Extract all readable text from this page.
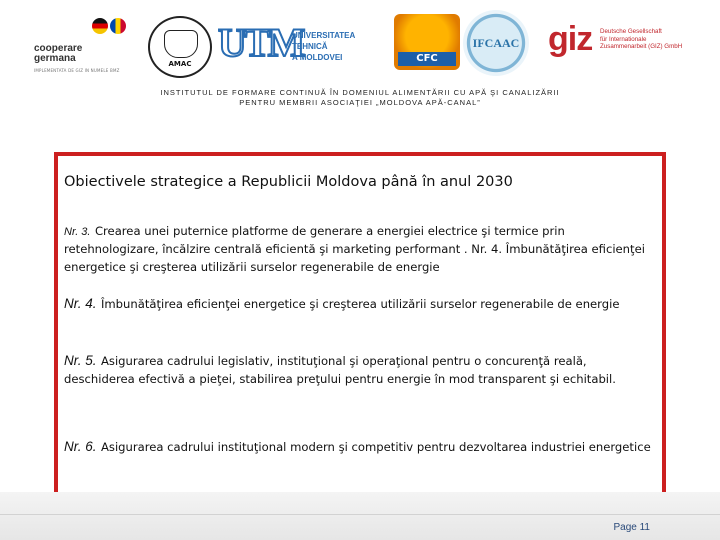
cooperare
germana
IMPLEMENTATA DE GIZ IN NUMELE BMZ
AMAC UTM
UNIVERSITATEA TEHNICĂ
A MOLDOVEI	CFC
IFCAAC giz Deutsche Gesellschaft
für Internationale
Zusammenarbeit (GIZ) GmbH
INSTITUTUL DE FORMARE CONTINUĂ ÎN DOMENIUL ALIMENTĂRII CU APĂ ŞI CANALIZĂRII
PENTRU MEMBRII ASOCIAŢIEI „MOLDOVA APĂ-CANAL”
Obiectivele strategice a Republicii Moldova până în anul 2030
Nr. 3. Crearea unei puternice platforme de generare a energiei electrice şi termice prin retehnologizare, încălzire centrală eficientă şi marketing performant . Nr. 4. Îmbunătăţirea eficienţei energetice şi creşterea utilizării surselor regenerabile de energie
Nr. 4. Îmbunătăţirea eficienţei energetice şi creşterea utilizării surselor regenerabile de energie
Nr. 5. Asigurarea cadrului legislativ, instituţional şi operaţional pentru o concurenţă reală, deschiderea efectivă a pieţei, stabilirea preţului pentru energie în mod transparent şi echitabil.
Nr. 6. Asigurarea cadrului instituţional modern şi competitiv pentru dezvoltarea industriei energetice
Page 11
